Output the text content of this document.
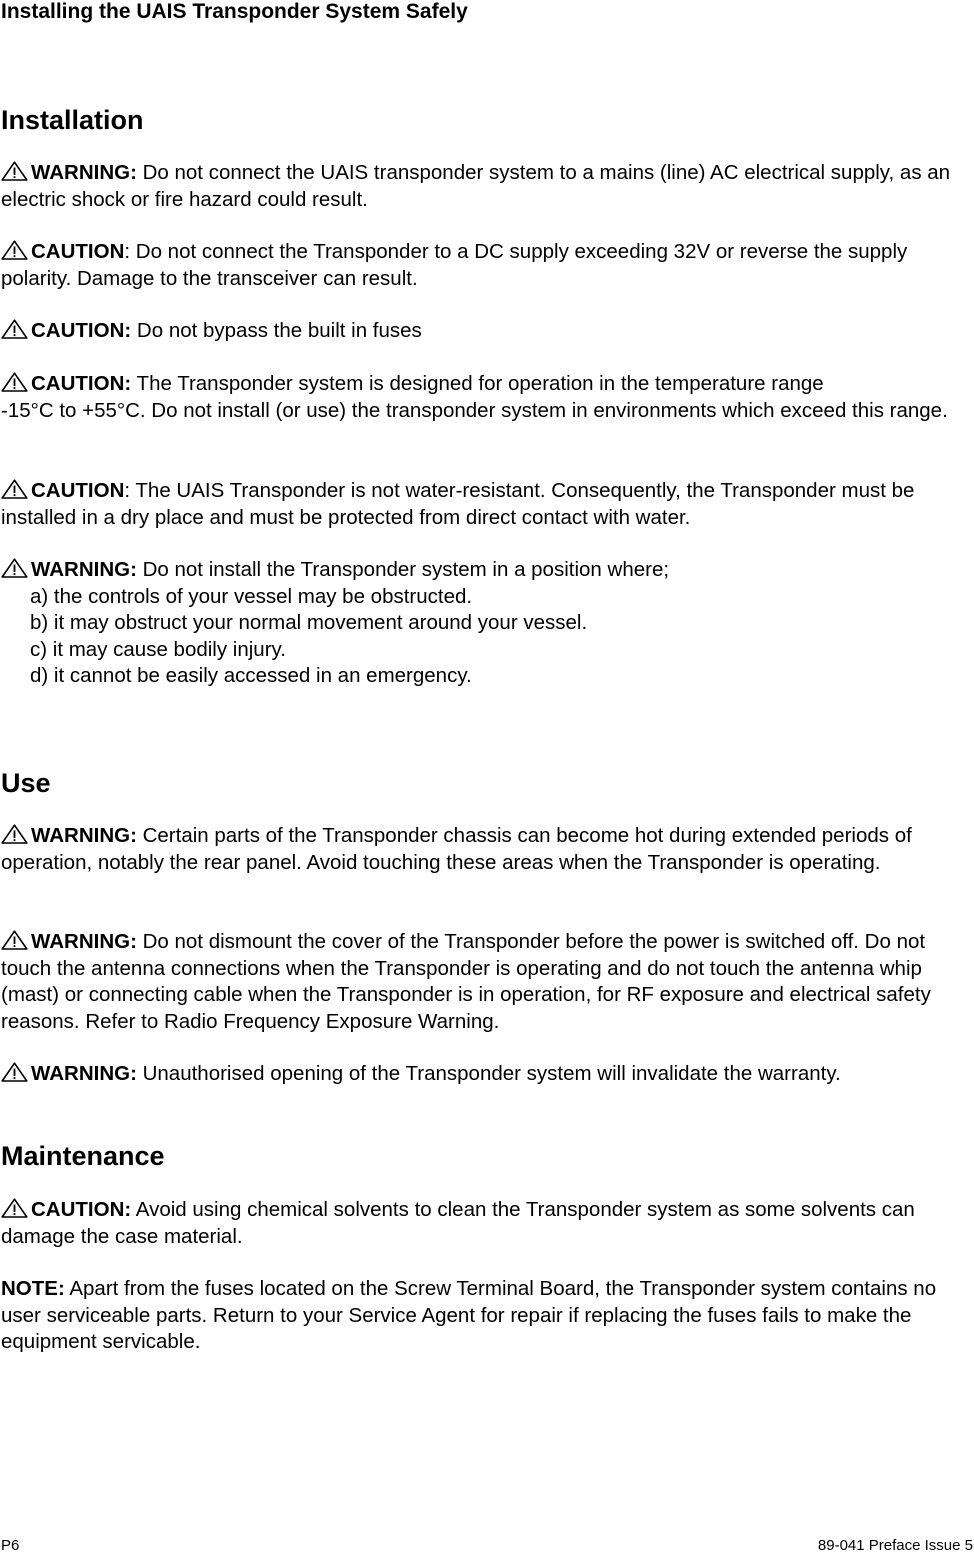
Installing the UAIS Transponder System Safely
Installation

WARNING: Do not connect the UAIS transponder system to a mains (line) AC electrical supply, as an electric shock or fire hazard could result.

CAUTION: Do not connect the Transponder to a DC supply exceeding 32V or reverse the supply polarity. Damage to the transceiver can result.

CAUTION: Do not bypass the built in fuses

CAUTION: The Transponder system is designed for operation in the temperature range
-15°C to +55°C. Do not install (or use) the transponder system in environments which exceed this range.

CAUTION: The UAIS Transponder is not water-resistant. Consequently, the Transponder must be installed in a dry place and must be protected from direct contact with water.

WARNING: Do not install the Transponder system in a position where;
a) the controls of your vessel may be obstructed.
b) it may obstruct your normal movement around your vessel.
c) it may cause bodily injury.
d) it cannot be easily accessed in an emergency.

Use

WARNING: Certain parts of the Transponder chassis can become hot during extended periods of operation, notably the rear panel. Avoid touching these areas when the Transponder is operating.

WARNING: Do not dismount the cover of the Transponder before the power is switched off. Do not touch the antenna connections when the Transponder is operating and do not touch the antenna whip (mast) or connecting cable when the Transponder is in operation, for RF exposure and electrical safety reasons. Refer to Radio Frequency Exposure Warning.

WARNING: Unauthorised opening of the Transponder system will invalidate the warranty.

Maintenance

CAUTION: Avoid using chemical solvents to clean the Transponder system as some solvents can damage the case material.

NOTE: Apart from the fuses located on the Screw Terminal Board, the Transponder system contains no user serviceable parts. Return to your Service Agent for repair if replacing the fuses fails to make the equipment servicable.

P6	89-041 Preface Issue 5
